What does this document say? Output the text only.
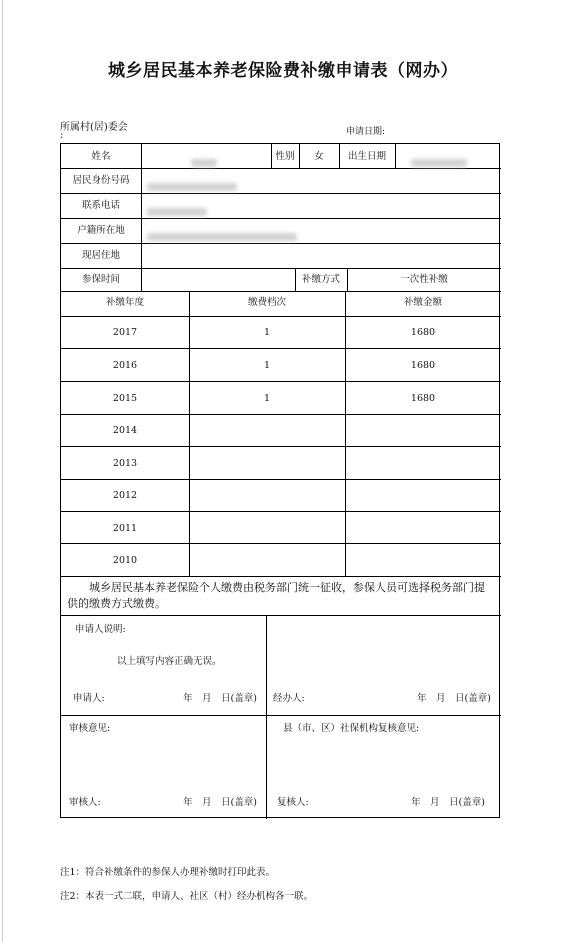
城乡居民基本养老保险费补缴申请表（网办）
所属村(居)委会
:	申请日期:
姓名	性别	女	出生日期
居民身份号码
联系电话
户籍所在地
现居住地
参保时间	补缴方式	一次性补缴
补缴年度	缴费档次	补缴金额
2017	1	1680
2016	1	1680
2015	1	1680
2014
2013
2012
2011
2010
城乡居民基本养老保险个人缴费由税务部门统一征收，参保人员可选择税务部门提供的缴费方式缴费。
申请人说明:
以上填写内容正确无误。
申请人:	年　月　日(盖章) 经办人:	年　月　日(盖章)
审核意见:
审核人:	年　月　日(盖章)
县（市、区）社保机构复核意见:
复核人:	年　月　日(盖章)
注1：符合补缴条件的参保人办理补缴时打印此表。
注2：本表一式二联，申请人、社区（村）经办机构各一联。
